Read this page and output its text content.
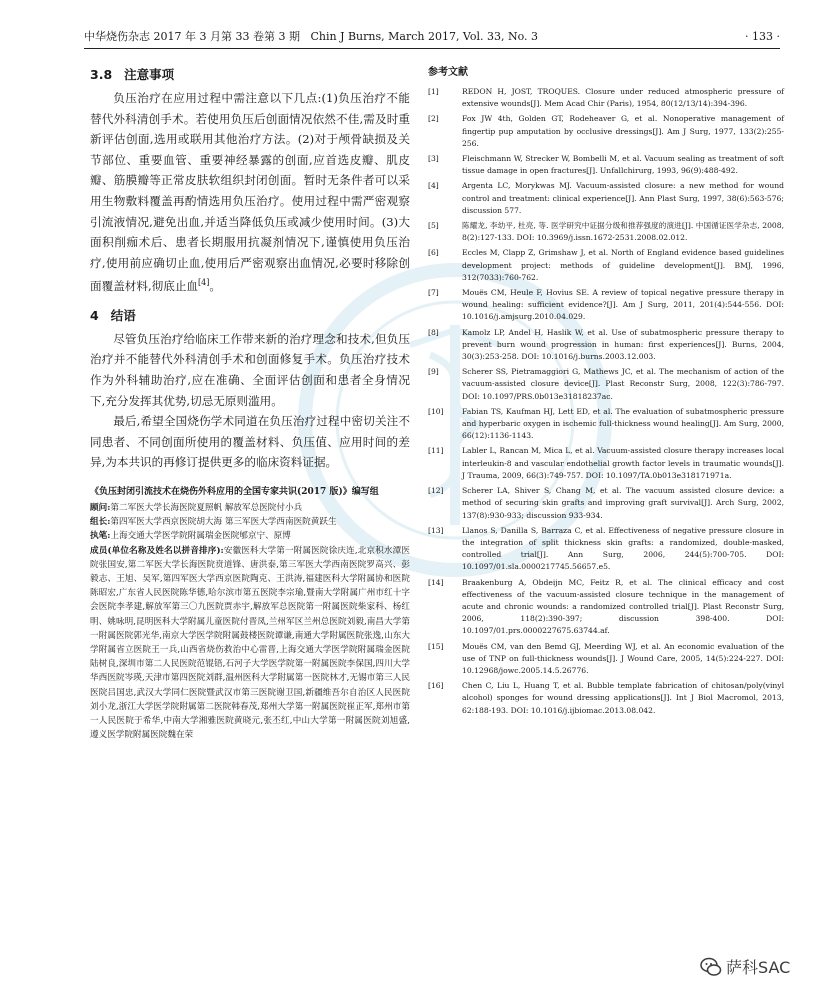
中华烧伤杂志 2017 年 3 月第 33 卷第 3 期 Chin J Burns, March 2017, Vol. 33, No. 3	· 133 ·
3.8 注意事项

负压治疗在应用过程中需注意以下几点:(1)负压治疗不能替代外科清创手术。若使用负压后创面情况依然不佳,需及时重新评估创面,选用或联用其他治疗方法。(2)对于颅骨缺损及关节部位、重要血管、重要神经暴露的创面,应首选皮瓣、肌皮瓣、筋膜瓣等正常皮肤软组织封闭创面。暂时无条件者可以采用生物敷料覆盖再酌情选用负压治疗。使用过程中需严密观察引流液情况,避免出血,并适当降低负压或减少使用时间。(3)大面积削痂术后、患者长期服用抗凝剂情况下,谨慎使用负压治疗,使用前应确切止血,使用后严密观察出血情况,必要时移除创面覆盖材料,彻底止血[4]。

4 结语

尽管负压治疗给临床工作带来新的治疗理念和技术,但负压治疗并不能替代外科清创手术和创面修复手术。负压治疗技术作为外科辅助治疗,应在准确、全面评估创面和患者全身情况下,充分发挥其优势,切忌无原则滥用。

最后,希望全国烧伤学术同道在负压治疗过程中密切关注不同患者、不同创面所使用的覆盖材料、负压值、应用时间的差异,为本共识的再修订提供更多的临床资料证据。

《负压封闭引流技术在烧伤外科应用的全国专家共识(2017 版)》编写组
顾问:第二军医大学长海医院夏照帆 解放军总医院付小兵
组长:第四军医大学西京医院胡大海 第三军医大学西南医院黄跃生
执笔:上海交通大学医学院附属瑞金医院郇京宁、原博
成员(单位名称及姓名以拼音排序):安徽医科大学第一附属医院徐庆连,北京积水潭医院张国安,第二军医大学长海医院贲道锋、唐洪泰,第三军医大学西南医院罗高兴、彭毅志、王旭、吴军,第四军医大学西京医院陶克、王洪涛,福建医科大学附属协和医院陈昭宏,广东省人民医院陈华德,哈尔滨市第五医院李宗瑜,暨南大学附属广州市红十字会医院李孝建,解放军第三〇九医院贾赤宇,解放军总医院第一附属医院柴家科、杨红明、姚咏明,昆明医科大学附属儿童医院付晋凤,兰州军区兰州总医院刘毅,南昌大学第一附属医院郭光华,南京大学医学院附属鼓楼医院谭谦,南通大学附属医院张逸,山东大学附属省立医院王一兵,山西省烧伤救治中心雷晋,上海交通大学医学院附属瑞金医院陆树良,深圳市第二人民医院范锟铻,石河子大学医学院第一附属医院李保国,四川大学华西医院岑瑛,天津市第四医院刘群,温州医科大学附属第一医院林才,无锡市第三人民医院吕国忠,武汉大学同仁医院暨武汉市第三医院谢卫国,新疆维吾尔自治区人民医院刘小龙,浙江大学医学院附属第二医院韩春茂,郑州大学第一附属医院崔正军,郑州市第一人民医院于希华,中南大学湘雅医院黄晓元,张丕红,中山大学第一附属医院刘旭盛,遵义医学院附属医院魏在荣
参考文献
[1]	REDON H, JOST, TROQUES. Closure under reduced atmospheric pressure of extensive wounds[J]. Mem Acad Chir (Paris), 1954, 80(12/13/14):394-396.
[2]	Fox JW 4th, Golden GT, Rodeheaver G, et al. Nonoperative management of fingertip pup amputation by occlusive dressings[J]. Am J Surg, 1977, 133(2):255-256.
[3]	Fleischmann W, Strecker W, Bombelli M, et al. Vacuum sealing as treatment of soft tissue damage in open fractures[J]. Unfallchirurg, 1993, 96(9):488-492.
[4]	Argenta LC, Morykwas MJ. Vacuum-assisted closure: a new method for wound control and treatment: clinical experience[J]. Ann Plast Surg, 1997, 38(6):563-576; discussion 577.
[5]	陈耀龙, 李幼平, 杜亮, 等. 医学研究中证据分级和推荐强度的演进[J]. 中国循证医学杂志, 2008, 8(2):127-133. DOI: 10.3969/j.issn.1672-2531.2008.02.012.
[6]	Eccles M, Clapp Z, Grimshaw J, et al. North of England evidence based guidelines development project: methods of guideline development[J]. BMJ, 1996, 312(7033):760-762.
[7]	Mouës CM, Heule F, Hovius SE. A review of topical negative pressure therapy in wound healing: sufficient evidence?[J]. Am J Surg, 2011, 201(4):544-556. DOI: 10.1016/j.amjsurg.2010.04.029.
[8]	Kamolz LP, Andel H, Haslik W, et al. Use of subatmospheric pressure therapy to prevent burn wound progression in human: first experiences[J]. Burns, 2004, 30(3):253-258. DOI: 10.1016/j.burns.2003.12.003.
[9]	Scherer SS, Pietramaggiori G, Mathews JC, et al. The mechanism of action of the vacuum-assisted closure device[J]. Plast Reconstr Surg, 2008, 122(3):786-797. DOI: 10.1097/PRS.0b013e31818237ac.
[10]	Fabian TS, Kaufman HJ, Lett ED, et al. The evaluation of subatmospheric pressure and hyperbaric oxygen in ischemic full-thickness wound healing[J]. Am Surg, 2000, 66(12):1136-1143.
[11]	Labler L, Rancan M, Mica L, et al. Vacuum-assisted closure therapy increases local interleukin-8 and vascular endothelial growth factor levels in traumatic wounds[J]. J Trauma, 2009, 66(3):749-757. DOI: 10.1097/TA.0b013e318171971a.
[12]	Scherer LA, Shiver S, Chang M, et al. The vacuum assisted closure device: a method of securing skin grafts and improving graft survival[J]. Arch Surg, 2002, 137(8):930-933; discussion 933-934.
[13]	Llanos S, Danilla S, Barraza C, et al. Effectiveness of negative pressure closure in the integration of split thickness skin grafts: a randomized, double-masked, controlled trial[J]. Ann Surg, 2006, 244(5):700-705. DOI: 10.1097/01.sla.0000217745.56657.e5.
[14]	Braakenburg A, Obdeijn MC, Feitz R, et al. The clinical efficacy and cost effectiveness of the vacuum-assisted closure technique in the management of acute and chronic wounds: a randomized controlled trial[J]. Plast Reconstr Surg, 2006, 118(2):390-397; discussion 398-400. DOI: 10.1097/01.prs.0000227675.63744.af.
[15]	Mouës CM, van den Bemd GJ, Meerding WJ, et al. An economic evaluation of the use of TNP on full-thickness wounds[J]. J Wound Care, 2005, 14(5):224-227. DOI: 10.12968/jowc.2005.14.5.26776.
[16]	Chen C, Liu L, Huang T, et al. Bubble template fabrication of chitosan/poly(vinyl alcohol) sponges for wound dressing applications[J]. Int J Biol Macromol, 2013, 62:188-193. DOI: 10.1016/j.ijbiomac.2013.08.042.
萨科SAC
